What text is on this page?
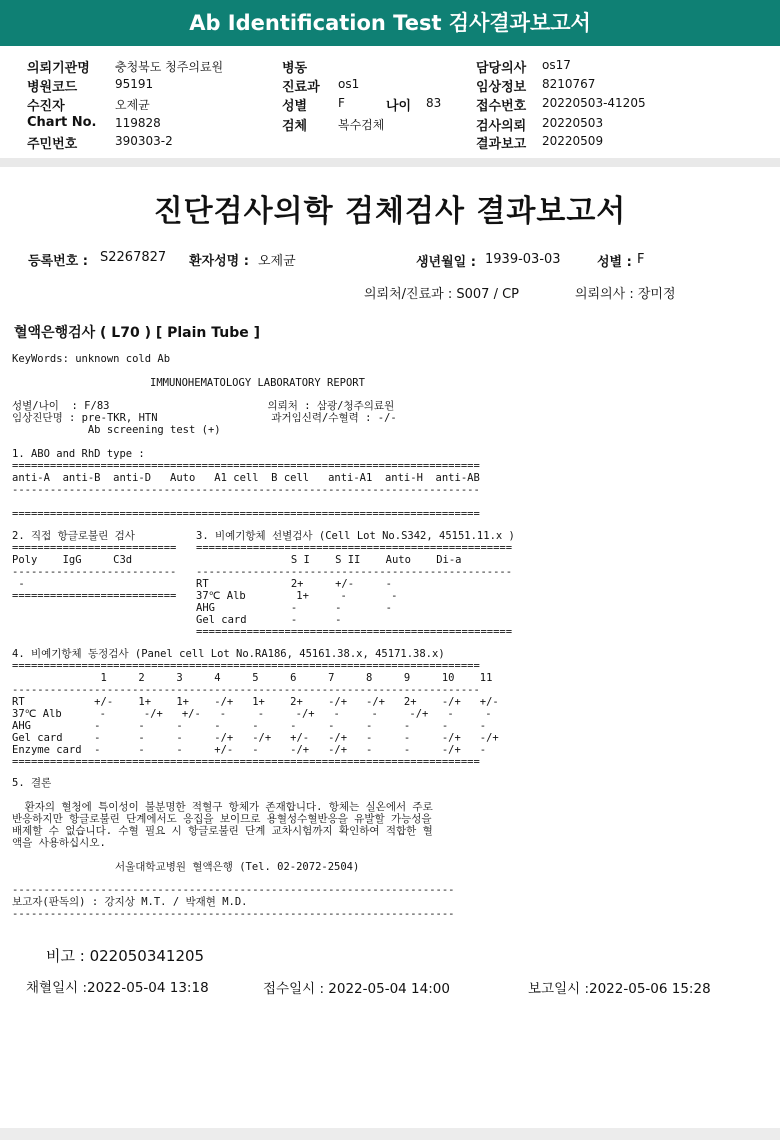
Ab Identification Test 검사결과보고서
의뢰기관명 충청북도 청주의료원
병원코드	95191
수진자	오제균
Chart No. 119828
주민번호	390303-2
병동
진료과 os1
성별	F	나이 83
검체	복수검체
담당의사 os17
임상정보 8210767
접수번호 20220503-41205
검사의뢰 20220503
결과보고 20220509
진단검사의학 검체검사 결과보고서
등록번호 : S2267827 환자성명 : 오제균	생년월일 : 1939-03-03	성별 : F
의뢰처/진료과 : S007 / CP	의뢰의사 : 장미정
혈액은행검사 ( L70 ) [ Plain Tube ]
KeyWords: unknown cold Ab
IMMUNOHEMATOLOGY LABORATORY REPORT
성별/나이  : F/83                         의뢰처 : 삼광/청주의료원
임상진단명 : pre-TKR, HTN                  과거임신력/수혈력 : -/-
Ab screening test (+)
1. ABO and RhD type :
==========================================================================
anti-A  anti-B  anti-D   Auto   A1 cell  B cell   anti-A1  anti-H  anti-AB
--------------------------------------------------------------------------

==========================================================================
2. 직접 항글로불린 검사
==========================
Poly    IgG     C3d
--------------------------
-
==========================
3. 비예기항체 선별검사 (Cell Lot No.S342, 45151.11.x )
==================================================
S I    S II    Auto    Di-a
--------------------------------------------------
RT             2+     +/-     -
37℃ Alb        1+     -       -
AHG            -      -       -
Gel card       -      -
==================================================
4. 비예기항체 동정검사 (Panel cell Lot No.RA186, 45161.38.x, 45171.38.x)
==========================================================================
1     2     3     4     5     6     7     8     9     10    11
--------------------------------------------------------------------------
RT           +/-    1+    1+    -/+   1+    2+    -/+   -/+   2+    -/+   +/-
37℃ Alb      -      -/+   +/-   -     -     -/+   -     -     -/+   -     -
AHG          -      -     -     -     -     -     -     -     -     -     -
Gel card     -      -     -     -/+   -/+   +/-   -/+   -     -     -/+   -/+
Enzyme card  -      -     -     +/-   -     -/+   -/+   -     -     -/+   -
==========================================================================
5. 결론
환자의 혈청에 특이성이 불분명한 적혈구 항체가 존재합니다. 항체는 실온에서 주로
반응하지만 항글로불린 단계에서도 응집을 보이므로 용혈성수혈반응을 유발할 가능성을
배제할 수 없습니다. 수혈 필요 시 항글로불린 단계 교차시험까지 확인하여 적합한 혈
액을 사용하십시오.
서울대학교병원 혈액은행 (Tel. 02-2072-2504)
----------------------------------------------------------------------
보고자(판독의) : 강지상 M.T. / 박재현 M.D.
----------------------------------------------------------------------
비고 : 022050341205
채혈일시 :2022-05-04 13:18	접수일시 : 2022-05-04 14:00	보고일시 :2022-05-06 15:28
